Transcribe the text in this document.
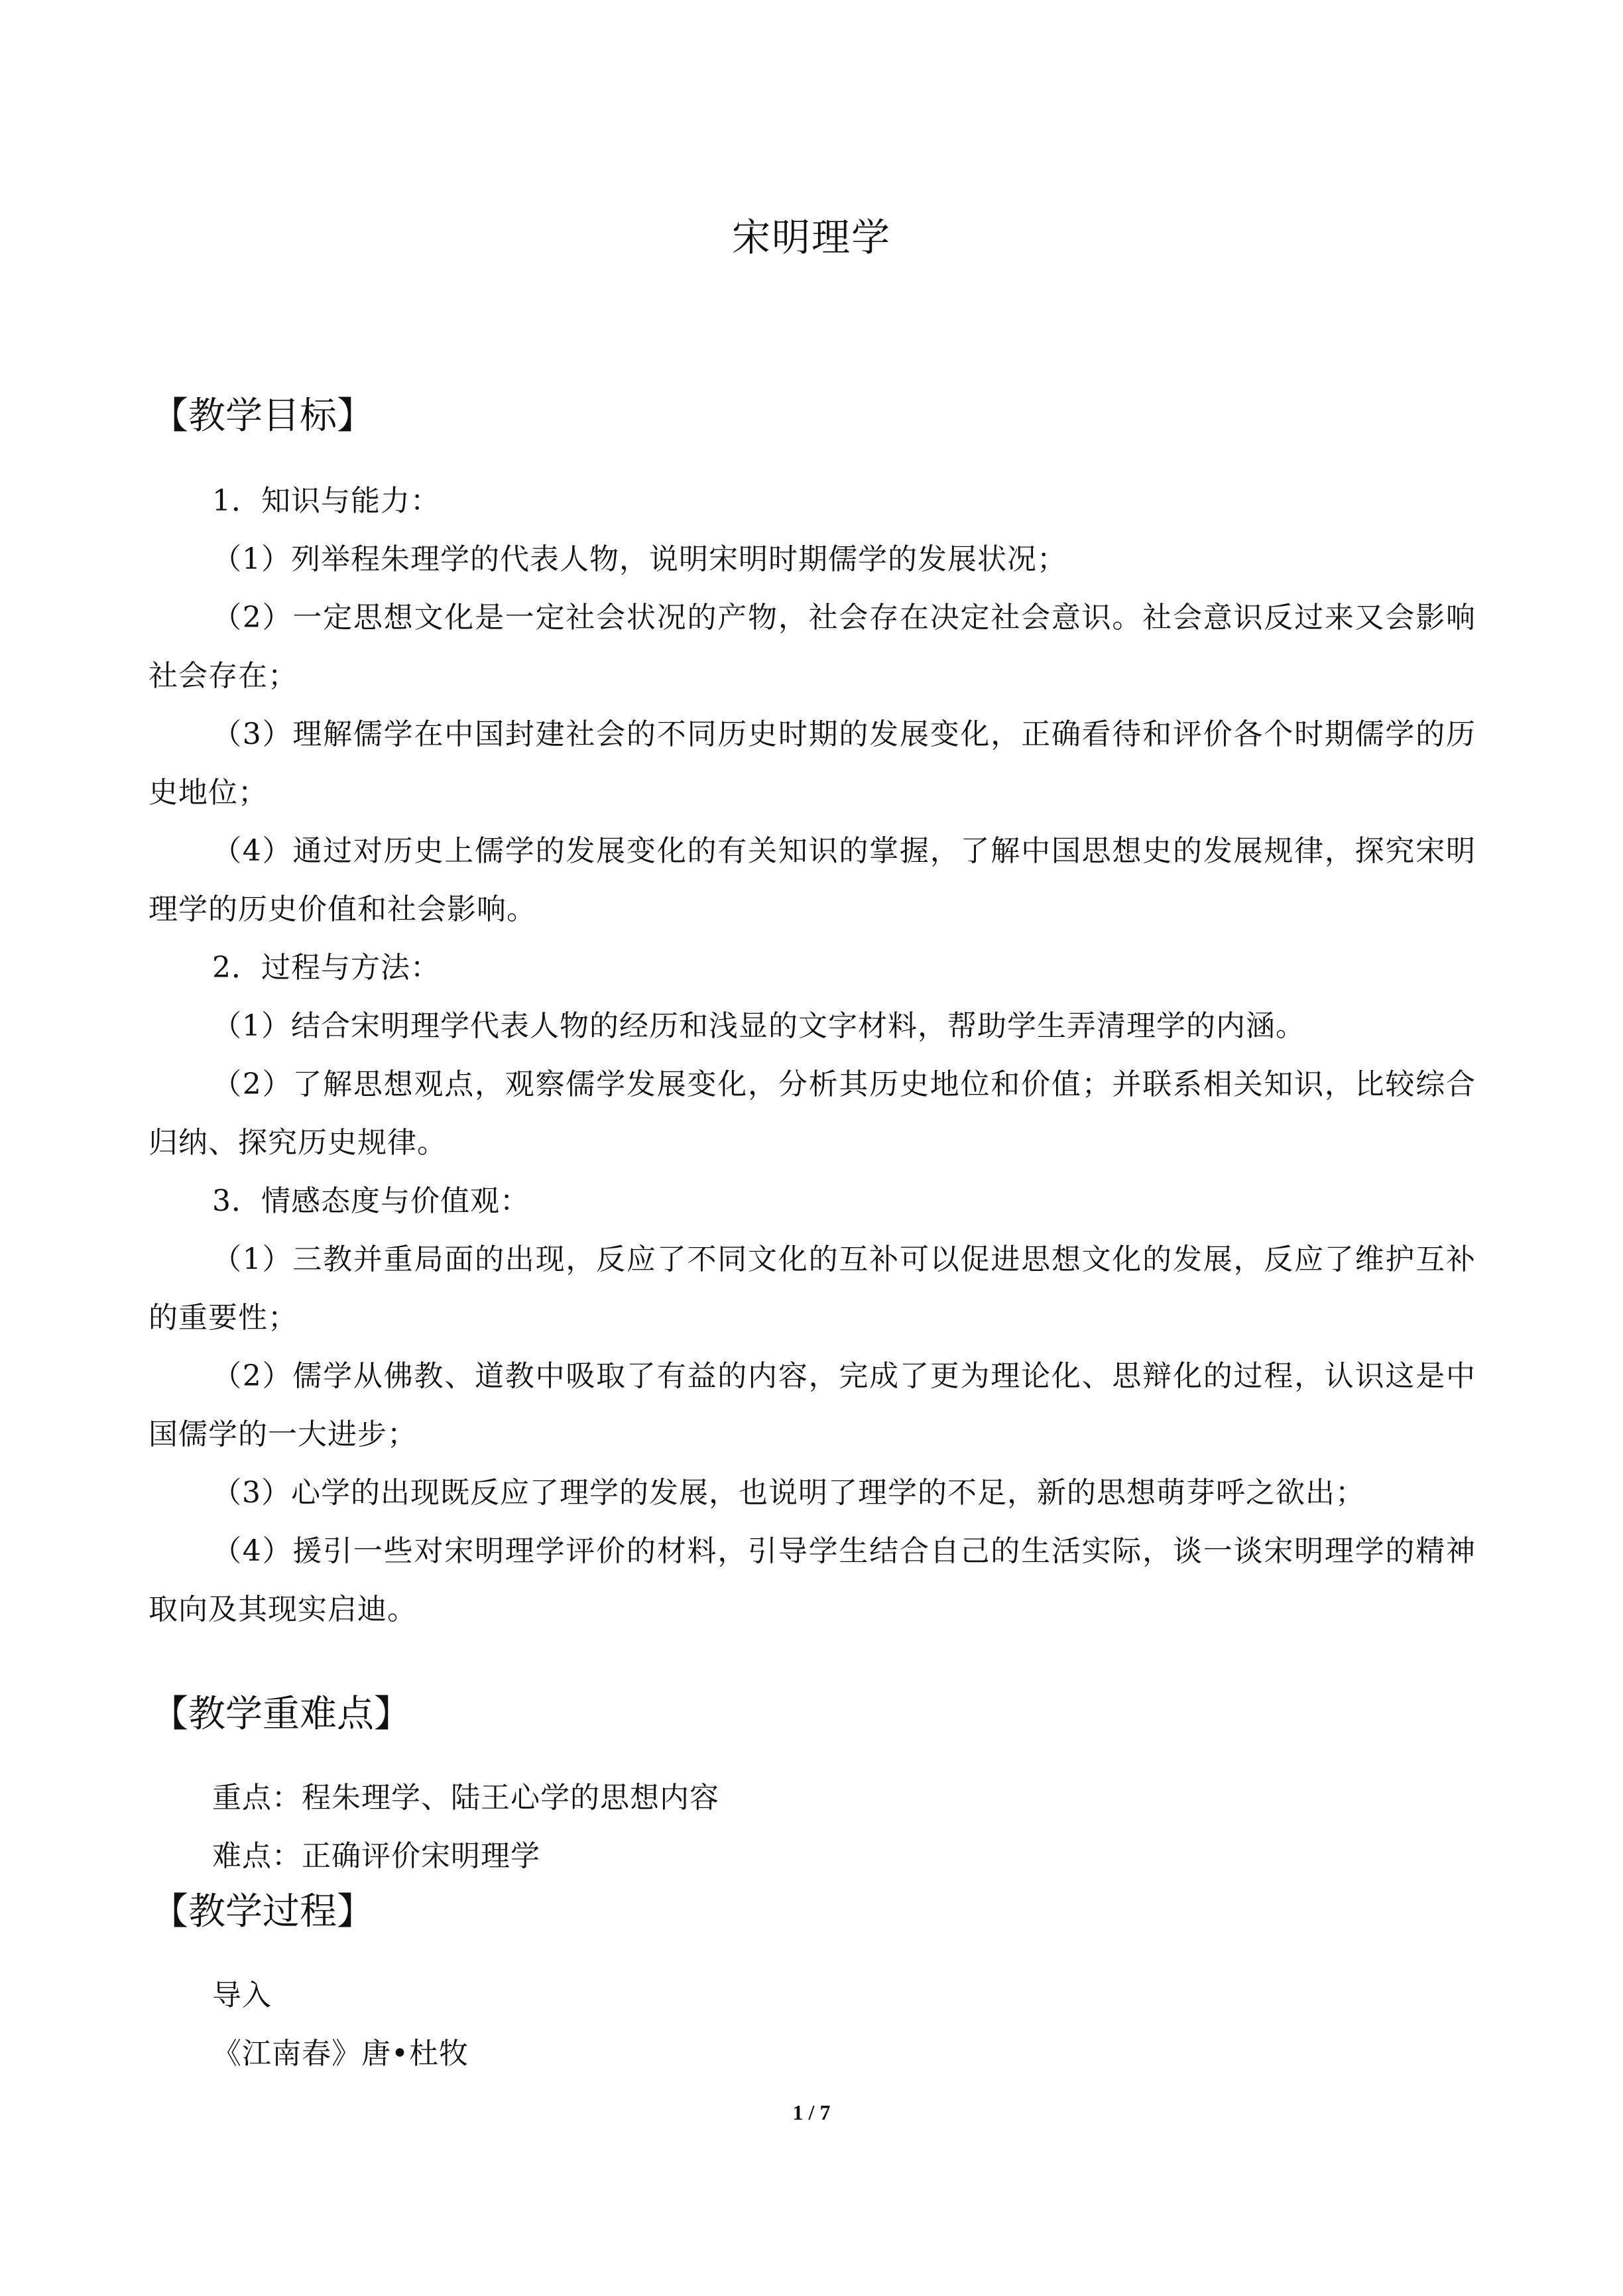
宋明理学
【教学目标】

1．知识与能力：

（1）列举程朱理学的代表人物，说明宋明时期儒学的发展状况；

（2）一定思想文化是一定社会状况的产物，社会存在决定社会意识。社会意识反过来又会影响社会存在；

（3）理解儒学在中国封建社会的不同历史时期的发展变化，正确看待和评价各个时期儒学的历史地位；

（4）通过对历史上儒学的发展变化的有关知识的掌握，了解中国思想史的发展规律，探究宋明理学的历史价值和社会影响。

2．过程与方法：

（1）结合宋明理学代表人物的经历和浅显的文字材料，帮助学生弄清理学的内涵。

（2）了解思想观点，观察儒学发展变化，分析其历史地位和价值；并联系相关知识，比较综合归纳、探究历史规律。

3．情感态度与价值观：

（1）三教并重局面的出现，反应了不同文化的互补可以促进思想文化的发展，反应了维护互补的重要性；

（2）儒学从佛教、道教中吸取了有益的内容，完成了更为理论化、思辩化的过程，认识这是中国儒学的一大进步；

（3）心学的出现既反应了理学的发展，也说明了理学的不足，新的思想萌芽呼之欲出；

（4）援引一些对宋明理学评价的材料，引导学生结合自己的生活实际，谈一谈宋明理学的精神取向及其现实启迪。

【教学重难点】

重点：程朱理学、陆王心学的思想内容

难点：正确评价宋明理学

【教学过程】

导入

《江南春》唐•杜牧

1 / 7
